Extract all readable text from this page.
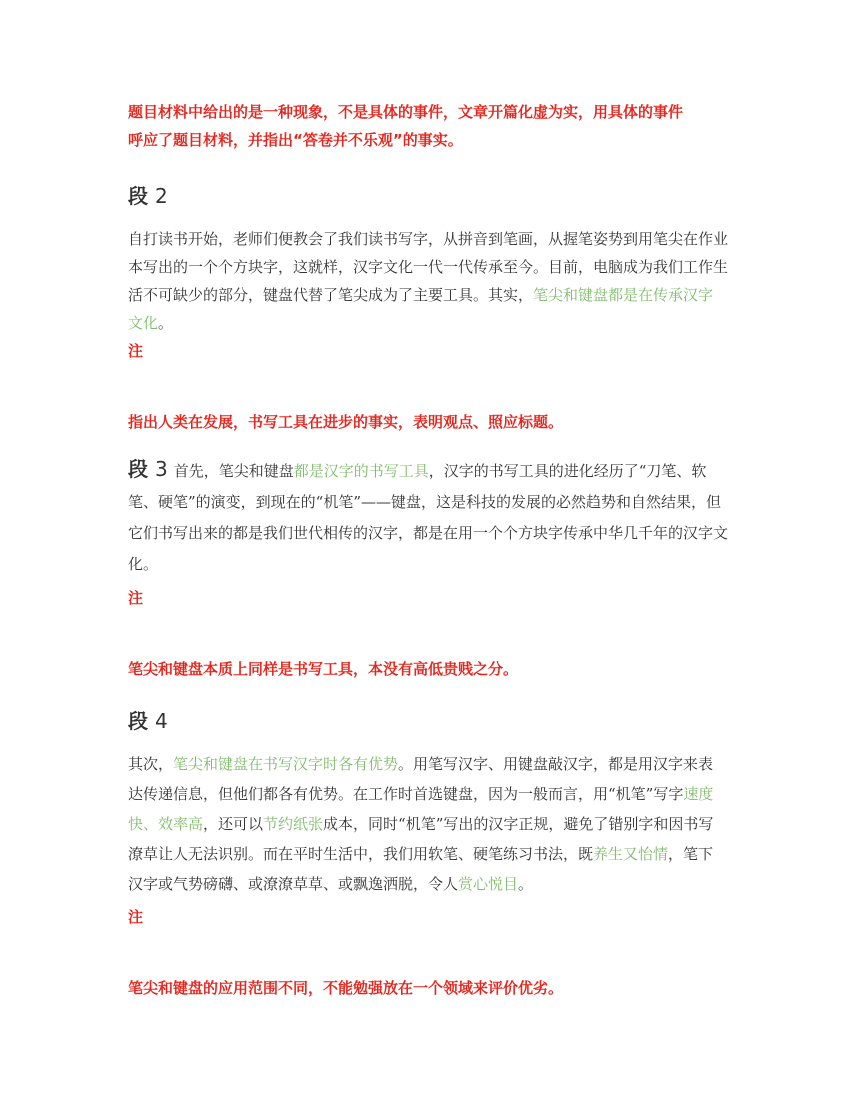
题目材料中给出的是一种现象，不是具体的事件，文章开篇化虚为实，用具体的事件

呼应了题目材料，并指出“答卷并不乐观”的事实。

段 2

自打读书开始，老师们便教会了我们读书写字，从拼音到笔画，从握笔姿势到用笔尖在作业本写出的一个个方块字，这就样，汉字文化一代一代传承至今。目前，电脑成为我们工作生活不可缺少的部分，键盘代替了笔尖成为了主要工具。其实，笔尖和键盘都是在传承汉字文化。

注

指出人类在发展，书写工具在进步的事实，表明观点、照应标题。

段 3 首先，笔尖和键盘都是汉字的书写工具，汉字的书写工具的进化经历了“刀笔、软笔、硬笔”的演变，到现在的“机笔”——键盘，这是科技的发展的必然趋势和自然结果，但它们书写出来的都是我们世代相传的汉字，都是在用一个个方块字传承中华几千年的汉字文化。

注

笔尖和键盘本质上同样是书写工具，本没有高低贵贱之分。

段 4

其次，笔尖和键盘在书写汉字时各有优势。用笔写汉字、用键盘敲汉字，都是用汉字来表达传递信息，但他们都各有优势。在工作时首选键盘，因为一般而言，用“机笔”写字速度快、效率高，还可以节约纸张成本，同时“机笔”写出的汉字正规，避免了错别字和因书写潦草让人无法识别。而在平时生活中，我们用软笔、硬笔练习书法，既养生又怡情，笔下汉字或气势磅礴、或潦潦草草、或飘逸洒脱，令人赏心悦目。

注

笔尖和键盘的应用范围不同，不能勉强放在一个领域来评价优劣。
